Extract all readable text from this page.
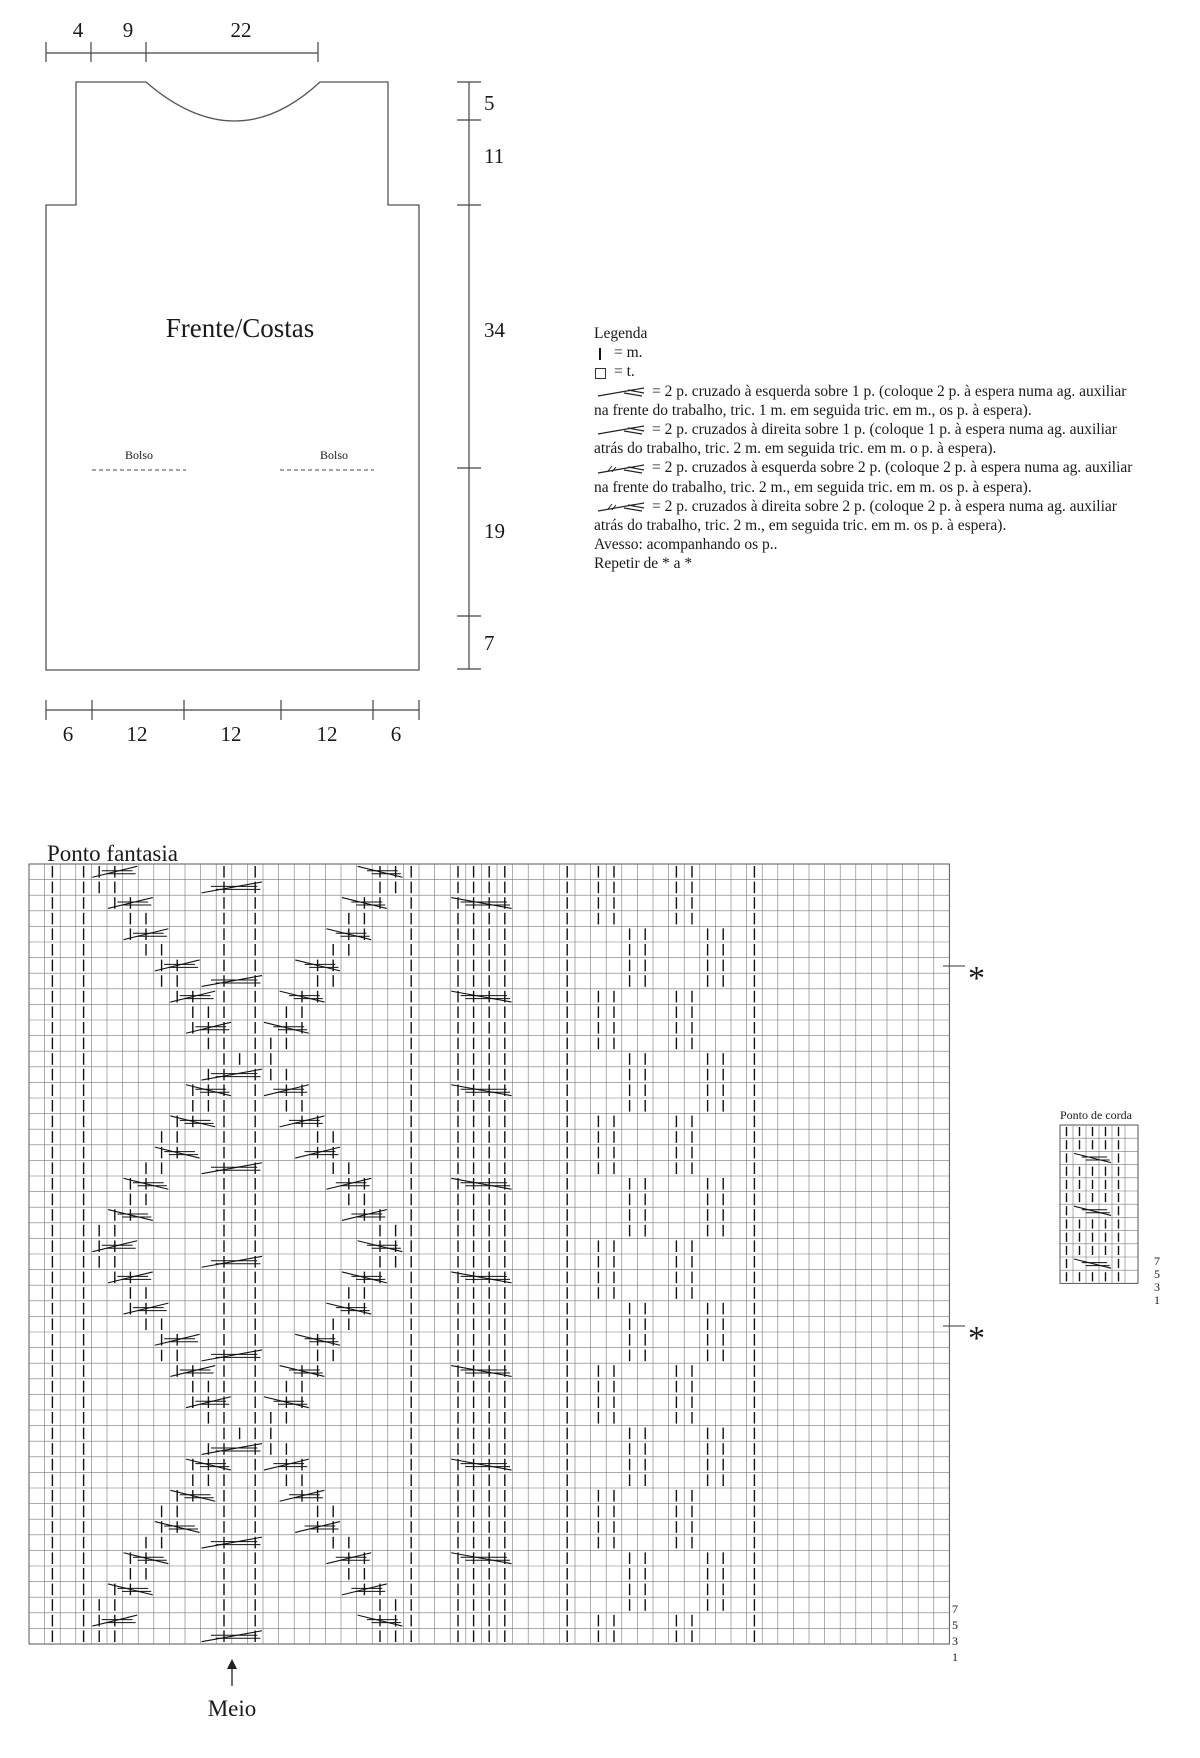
4 9	22
5
11
34
19
7
6	12	12	12	6
Frente/Costas
Bolso	Bolso
Legenda
= m.
= t.
= 2 p. cruzado à esquerda sobre 1 p. (coloque 2 p. à espera numa ag. auxiliar
na frente do trabalho, tric. 1 m. em seguida tric. em m., os p. à espera).
= 2 p. cruzados à direita sobre 1 p. (coloque 1 p. à espera numa ag. auxiliar
atrás do trabalho, tric. 2 m. em seguida tric. em m. o p. à espera).
= 2 p. cruzados à esquerda sobre 2 p. (coloque 2 p. à espera numa ag. auxiliar
na frente do trabalho, tric. 2 m., em seguida tric. em m. os p. à espera).
= 2 p. cruzados à direita sobre 2 p. (coloque 2 p. à espera numa ag. auxiliar
atrás do trabalho, tric. 2 m., em seguida tric. em m. os p. à espera).
Avesso: acompanhando os p..
Repetir de * a *
Ponto fantasia
*
*
7
5
3
1
Meio
Ponto de corda
7
5
3
1
